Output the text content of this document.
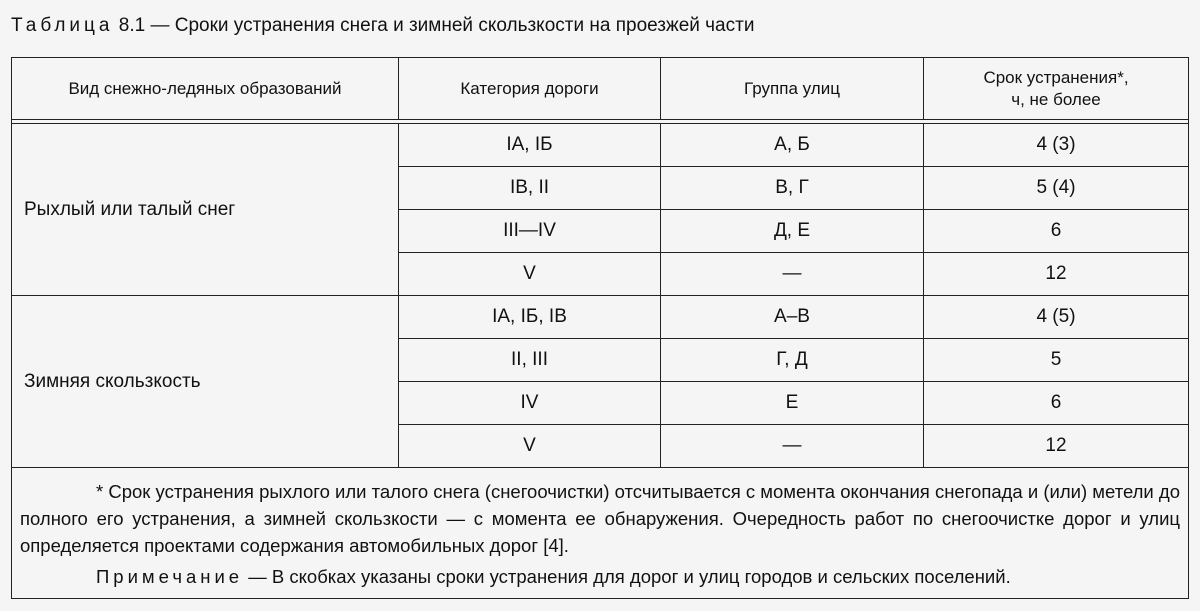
Таблица 8.1 — Сроки устранения снега и зимней скользкости на проезжей части
Вид снежно-ледяных образований	Категория дороги	Группа улиц	Срок устранения*,
ч, не более

Рыхлый или талый снег	IА, IБ	А, Б	4 (3)
	IВ, II	В, Г	5 (4)
	III—IV	Д, Е	6
	V	—	12
Зимняя скользкость	IА, IБ, IВ	А–В	4 (5)
	II, III	Г, Д	5
	IV	Е	6
	V	—	12

* Срок устранения рыхлого или талого снега (снегоочистки) отсчитывается с момента окончания снегопада и (или) метели до полного его устранения, а зимней скользкости — с момента ее обнаружения. Очередность работ по снегоочистке дорог и улиц определяется проектами содержания автомобильных дорог [4].

Примечание — В скобках указаны сроки устранения для дорог и улиц городов и сельских поселений.			
